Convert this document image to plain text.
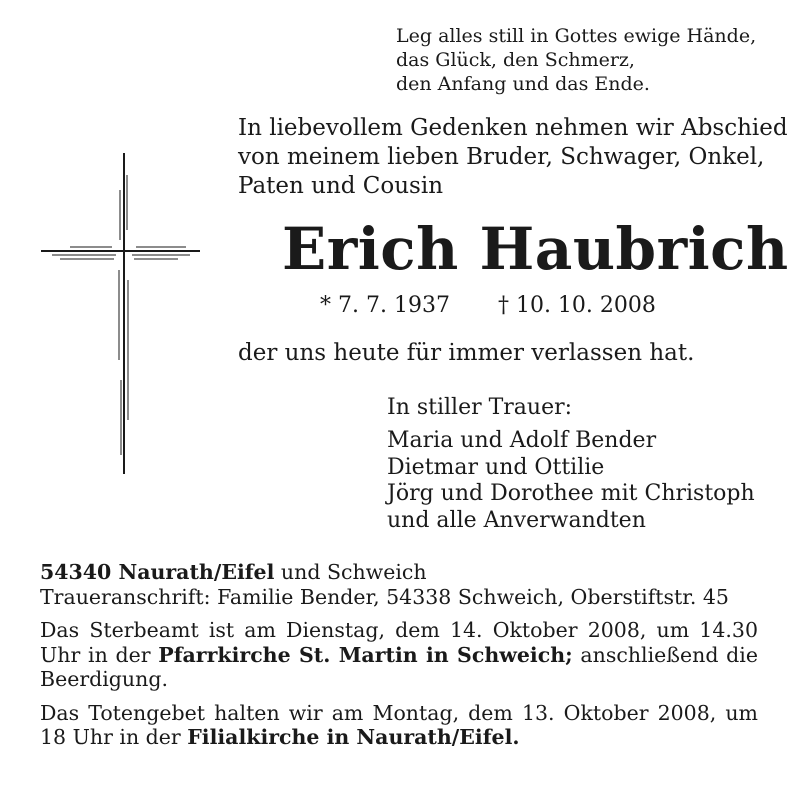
Leg alles still in Gottes ewige Hände,
das Glück, den Schmerz,
den Anfang und das Ende.
In liebevollem Gedenken nehmen wir Abschied
von meinem lieben Bruder, Schwager, Onkel,
Paten und Cousin
Erich Haubrich
* 7. 7. 1937 † 10. 10. 2008
der uns heute für immer verlassen hat.
In stiller Trauer:
Maria und Adolf Bender
Dietmar und Ottilie
Jörg und Dorothee mit Christoph
und alle Anverwandten

54340 Naurath/Eifel und Schweich

Traueranschrift: Familie Bender, 54338 Schweich, Oberstiftstr. 45

Das Sterbeamt ist am Dienstag, dem 14. Oktober 2008, um 14.30 Uhr in der Pfarrkirche St. Martin in Schweich; anschließend die Beerdigung.

Das Totengebet halten wir am Montag, dem 13. Oktober 2008, um 18 Uhr in der Filialkirche in Naurath/Eifel.
